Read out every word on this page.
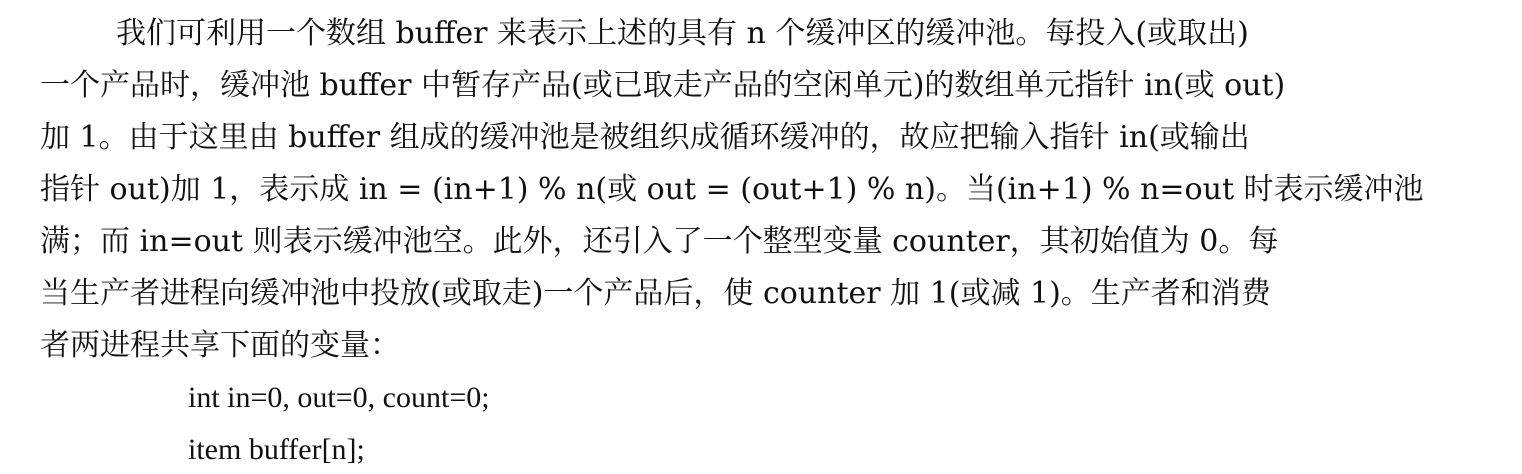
我们可利用一个数组 buffer 来表示上述的具有 n 个缓冲区的缓冲池。每投入(或取出)
一个产品时，缓冲池 buffer 中暂存产品(或已取走产品的空闲单元)的数组单元指针 in(或 out)
加 1。由于这里由 buffer 组成的缓冲池是被组织成循环缓冲的，故应把输入指针 in(或输出
指针 out)加 1，表示成 in = (in+1) % n(或 out = (out+1) % n)。当(in+1) % n=out 时表示缓冲池
满；而 in=out 则表示缓冲池空。此外，还引入了一个整型变量 counter，其初始值为 0。每
当生产者进程向缓冲池中投放(或取走)一个产品后，使 counter 加 1(或减 1)。生产者和消费
者两进程共享下面的变量：
int in=0, out=0, count=0;
item buffer[n];
